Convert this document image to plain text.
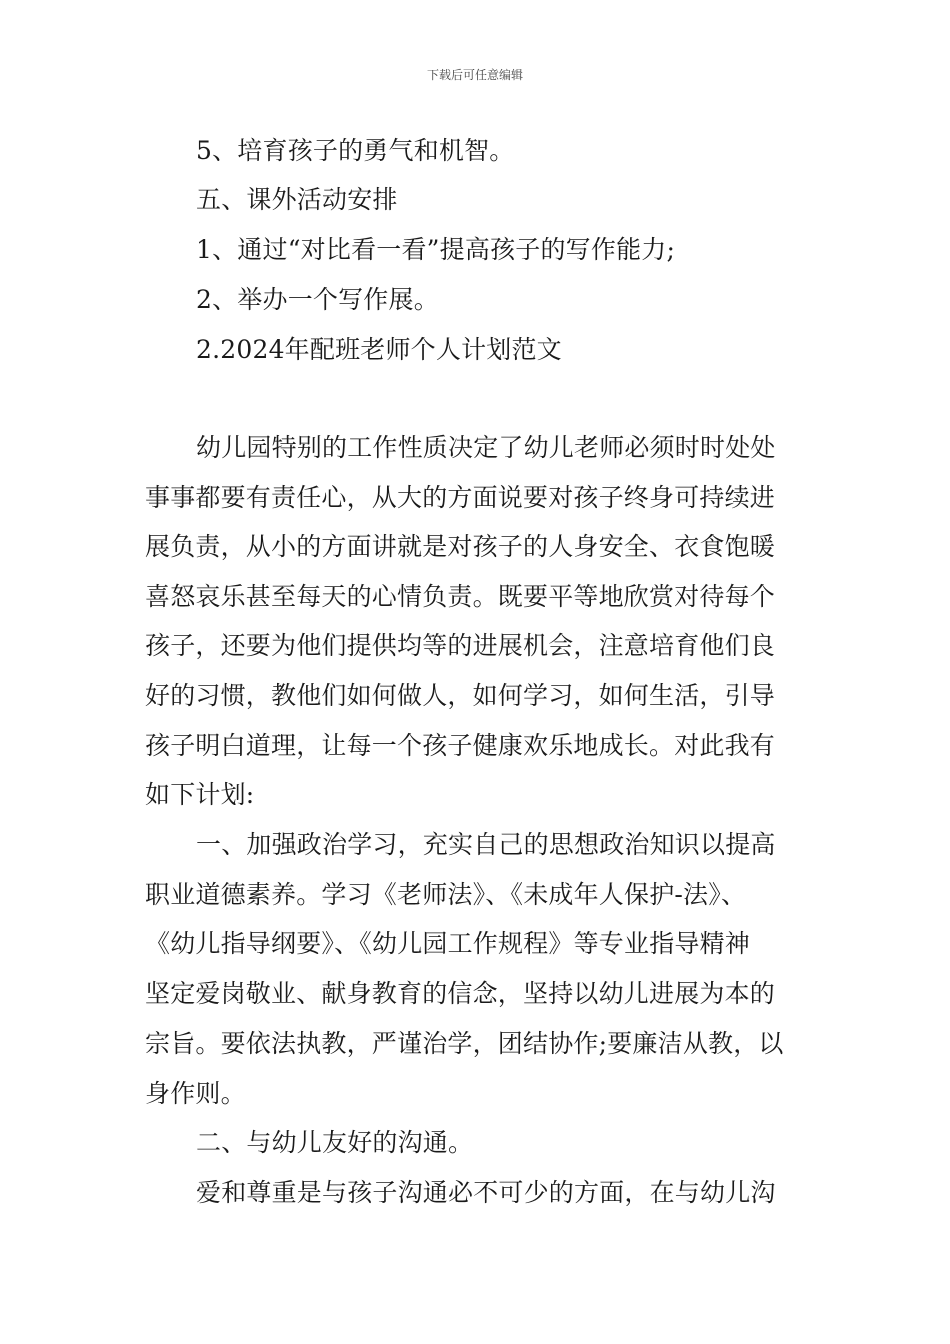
下载后可任意编辑
5、培育孩子的勇气和机智。
五、课外活动安排
1、通过“对比看一看”提高孩子的写作能力;
2、举办一个写作展。
2.2024年配班老师个人计划范文
幼儿园特别的工作性质决定了幼儿老师必须时时处处
事事都要有责任心，从大的方面说要对孩子终身可持续进
展负责，从小的方面讲就是对孩子的人身安全、衣食饱暖
喜怒哀乐甚至每天的心情负责。既要平等地欣赏对待每个
孩子，还要为他们提供均等的进展机会，注意培育他们良
好的习惯，教他们如何做人，如何学习，如何生活，引导
孩子明白道理，让每一个孩子健康欢乐地成长。对此我有
如下计划:
一、加强政治学习，充实自己的思想政治知识以提高
职业道德素养。学习《老师法》、《未成年人保护-法》、
《幼儿指导纲要》、《幼儿园工作规程》等专业指导精神
坚定爱岗敬业、献身教育的信念，坚持以幼儿进展为本的
宗旨。要依法执教，严谨治学，团结协作;要廉洁从教，以
身作则。
二、与幼儿友好的沟通。
爱和尊重是与孩子沟通必不可少的方面，在与幼儿沟
